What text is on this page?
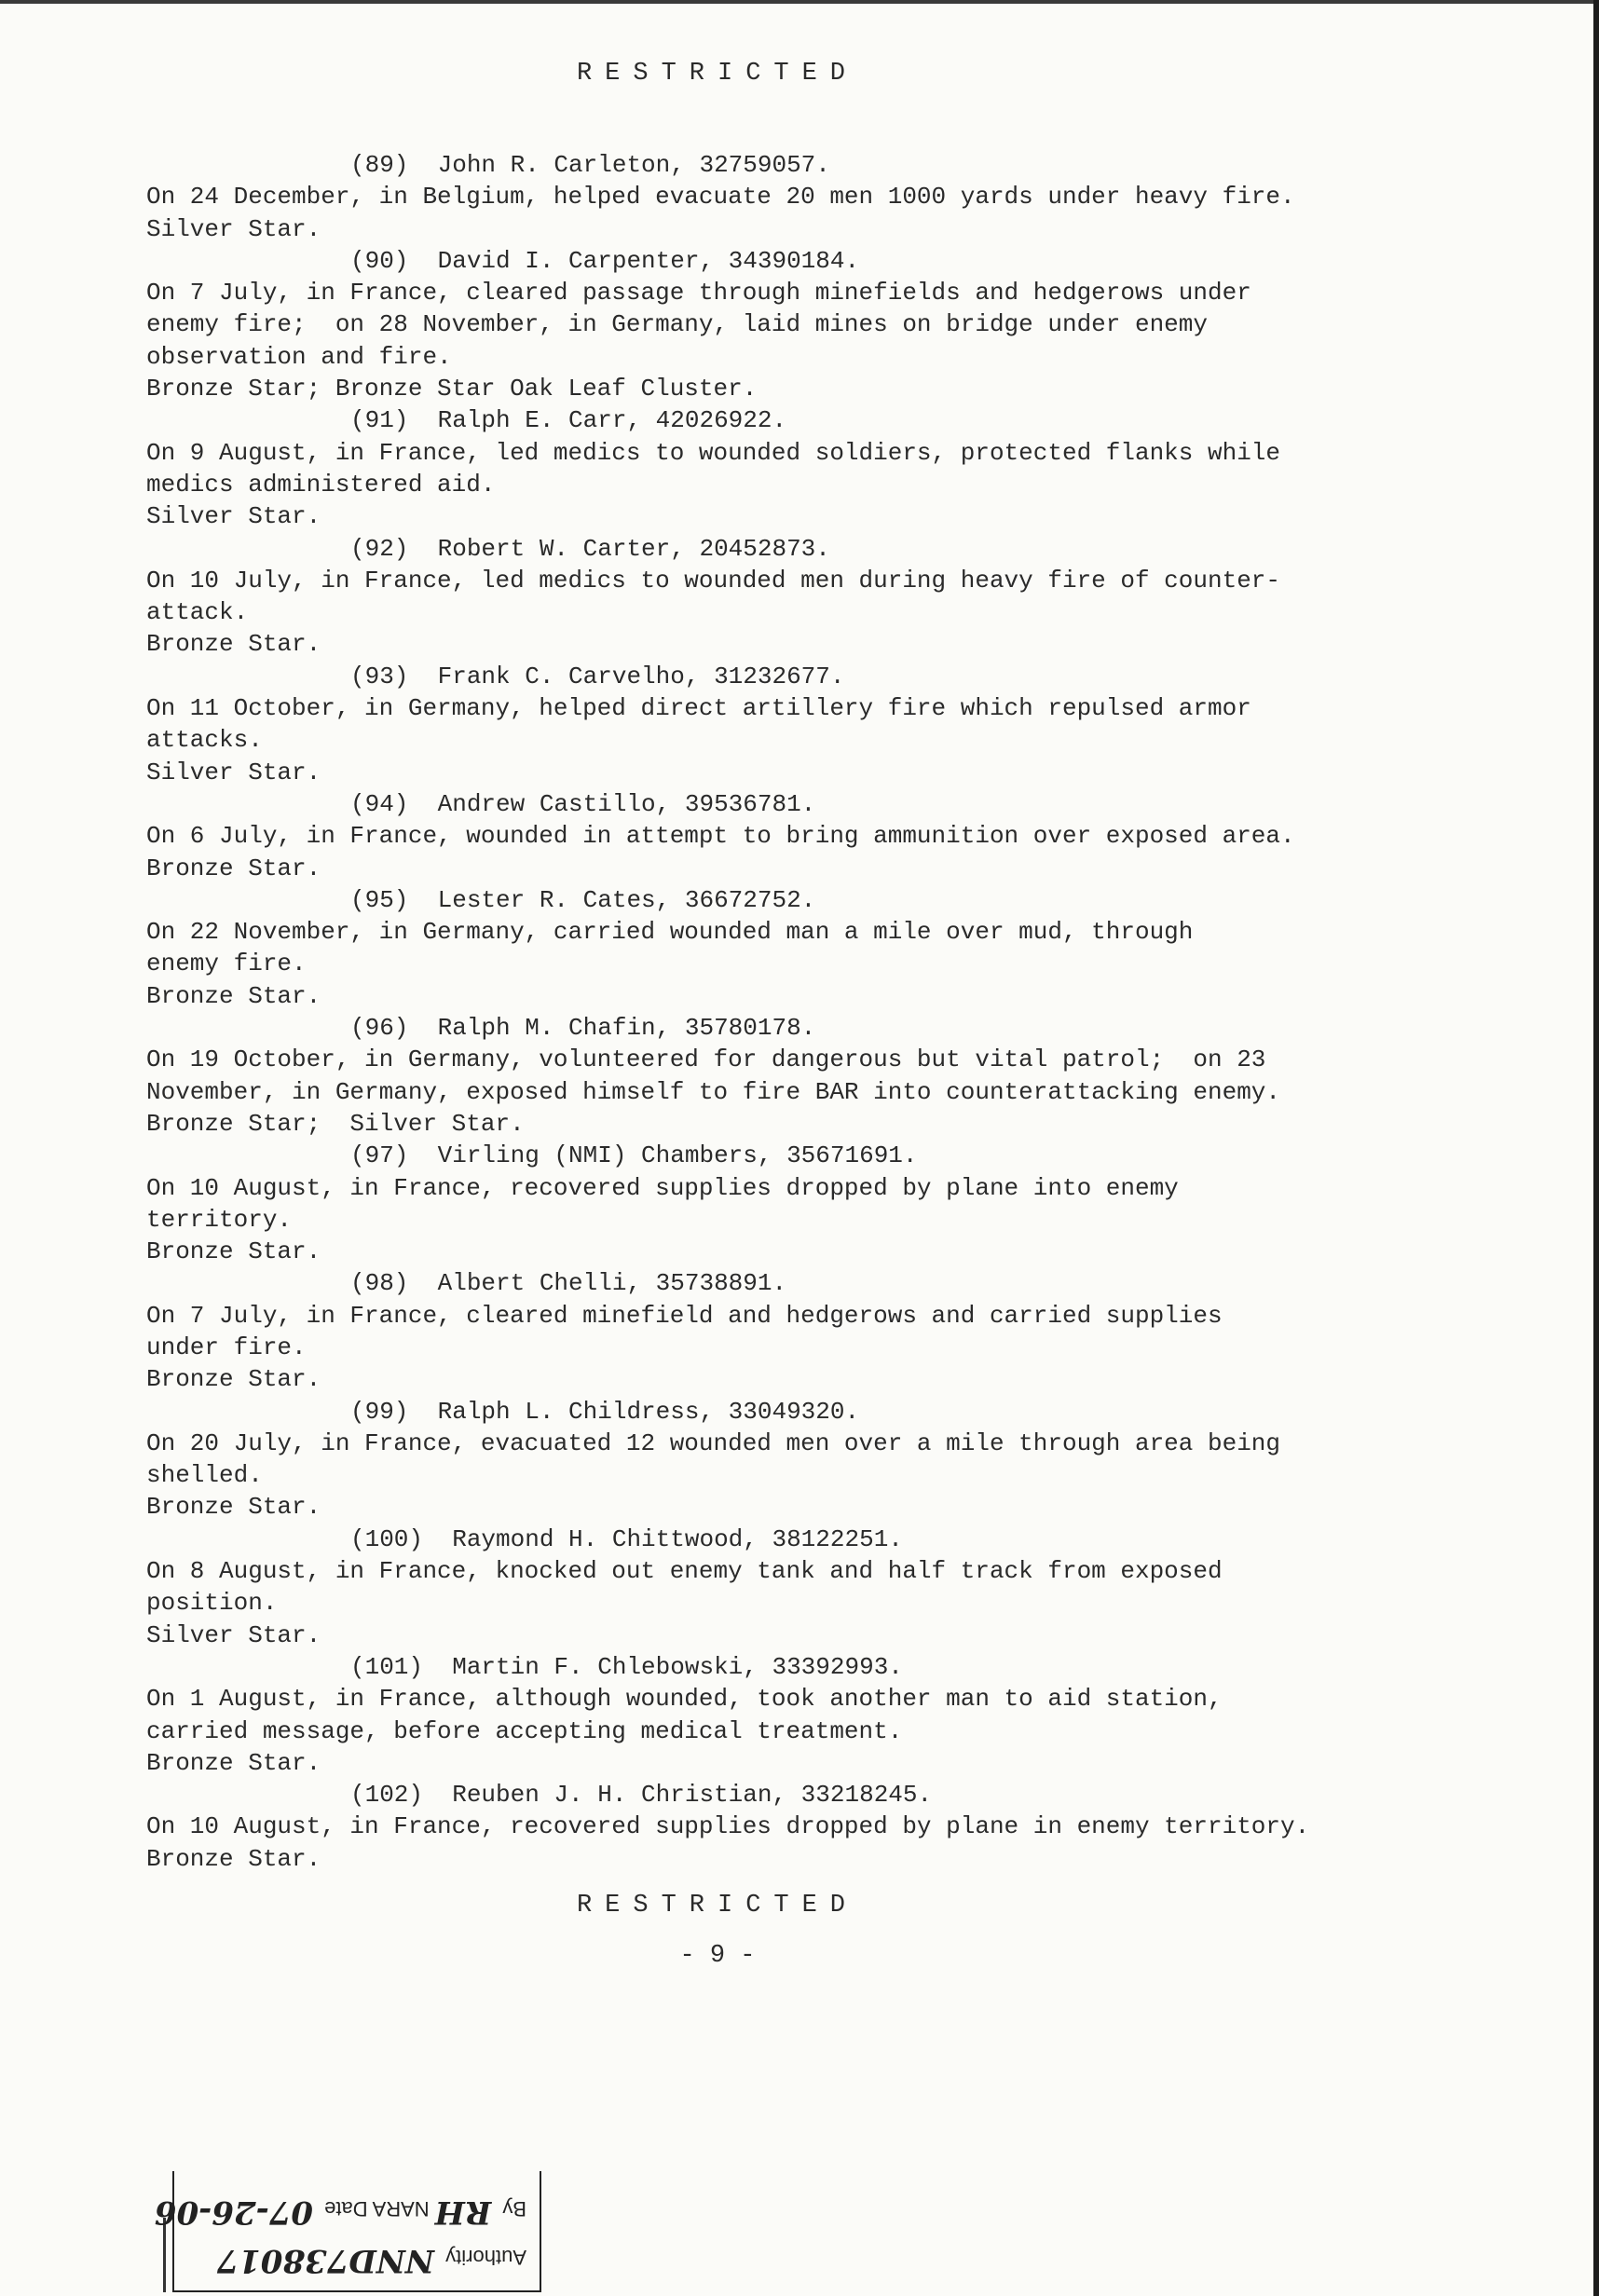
RESTRICTED
(89)  John R. Carleton, 32759057.
On 24 December, in Belgium, helped evacuate 20 men 1000 yards under heavy fire.
Silver Star.
(90)  David I. Carpenter, 34390184.
On 7 July, in France, cleared passage through minefields and hedgerows under
enemy fire;  on 28 November, in Germany, laid mines on bridge under enemy
observation and fire.
Bronze Star; Bronze Star Oak Leaf Cluster.
(91)  Ralph E. Carr, 42026922.
On 9 August, in France, led medics to wounded soldiers, protected flanks while
medics administered aid.
Silver Star.
(92)  Robert W. Carter, 20452873.
On 10 July, in France, led medics to wounded men during heavy fire of counter-
attack.
Bronze Star.
(93)  Frank C. Carvelho, 31232677.
On 11 October, in Germany, helped direct artillery fire which repulsed armor
attacks.
Silver Star.
(94)  Andrew Castillo, 39536781.
On 6 July, in France, wounded in attempt to bring ammunition over exposed area.
Bronze Star.
(95)  Lester R. Cates, 36672752.
On 22 November, in Germany, carried wounded man a mile over mud, through
enemy fire.
Bronze Star.
(96)  Ralph M. Chafin, 35780178.
On 19 October, in Germany, volunteered for dangerous but vital patrol;  on 23
November, in Germany, exposed himself to fire BAR into counterattacking enemy.
Bronze Star;  Silver Star.
(97)  Virling (NMI) Chambers, 35671691.
On 10 August, in France, recovered supplies dropped by plane into enemy
territory.
Bronze Star.
(98)  Albert Chelli, 35738891.
On 7 July, in France, cleared minefield and hedgerows and carried supplies
under fire.
Bronze Star.
(99)  Ralph L. Childress, 33049320.
On 20 July, in France, evacuated 12 wounded men over a mile through area being
shelled.
Bronze Star.
(100)  Raymond H. Chittwood, 38122251.
On 8 August, in France, knocked out enemy tank and half track from exposed
position.
Silver Star.
(101)  Martin F. Chlebowski, 33392993.
On 1 August, in France, although wounded, took another man to aid station,
carried message, before accepting medical treatment.
Bronze Star.
(102)  Reuben J. H. Christian, 33218245.
On 10 August, in France, recovered supplies dropped by plane in enemy territory.
Bronze Star.
RESTRICTED
- 9 -
Authority NND738017
By RH NARA Date 07-26-06
